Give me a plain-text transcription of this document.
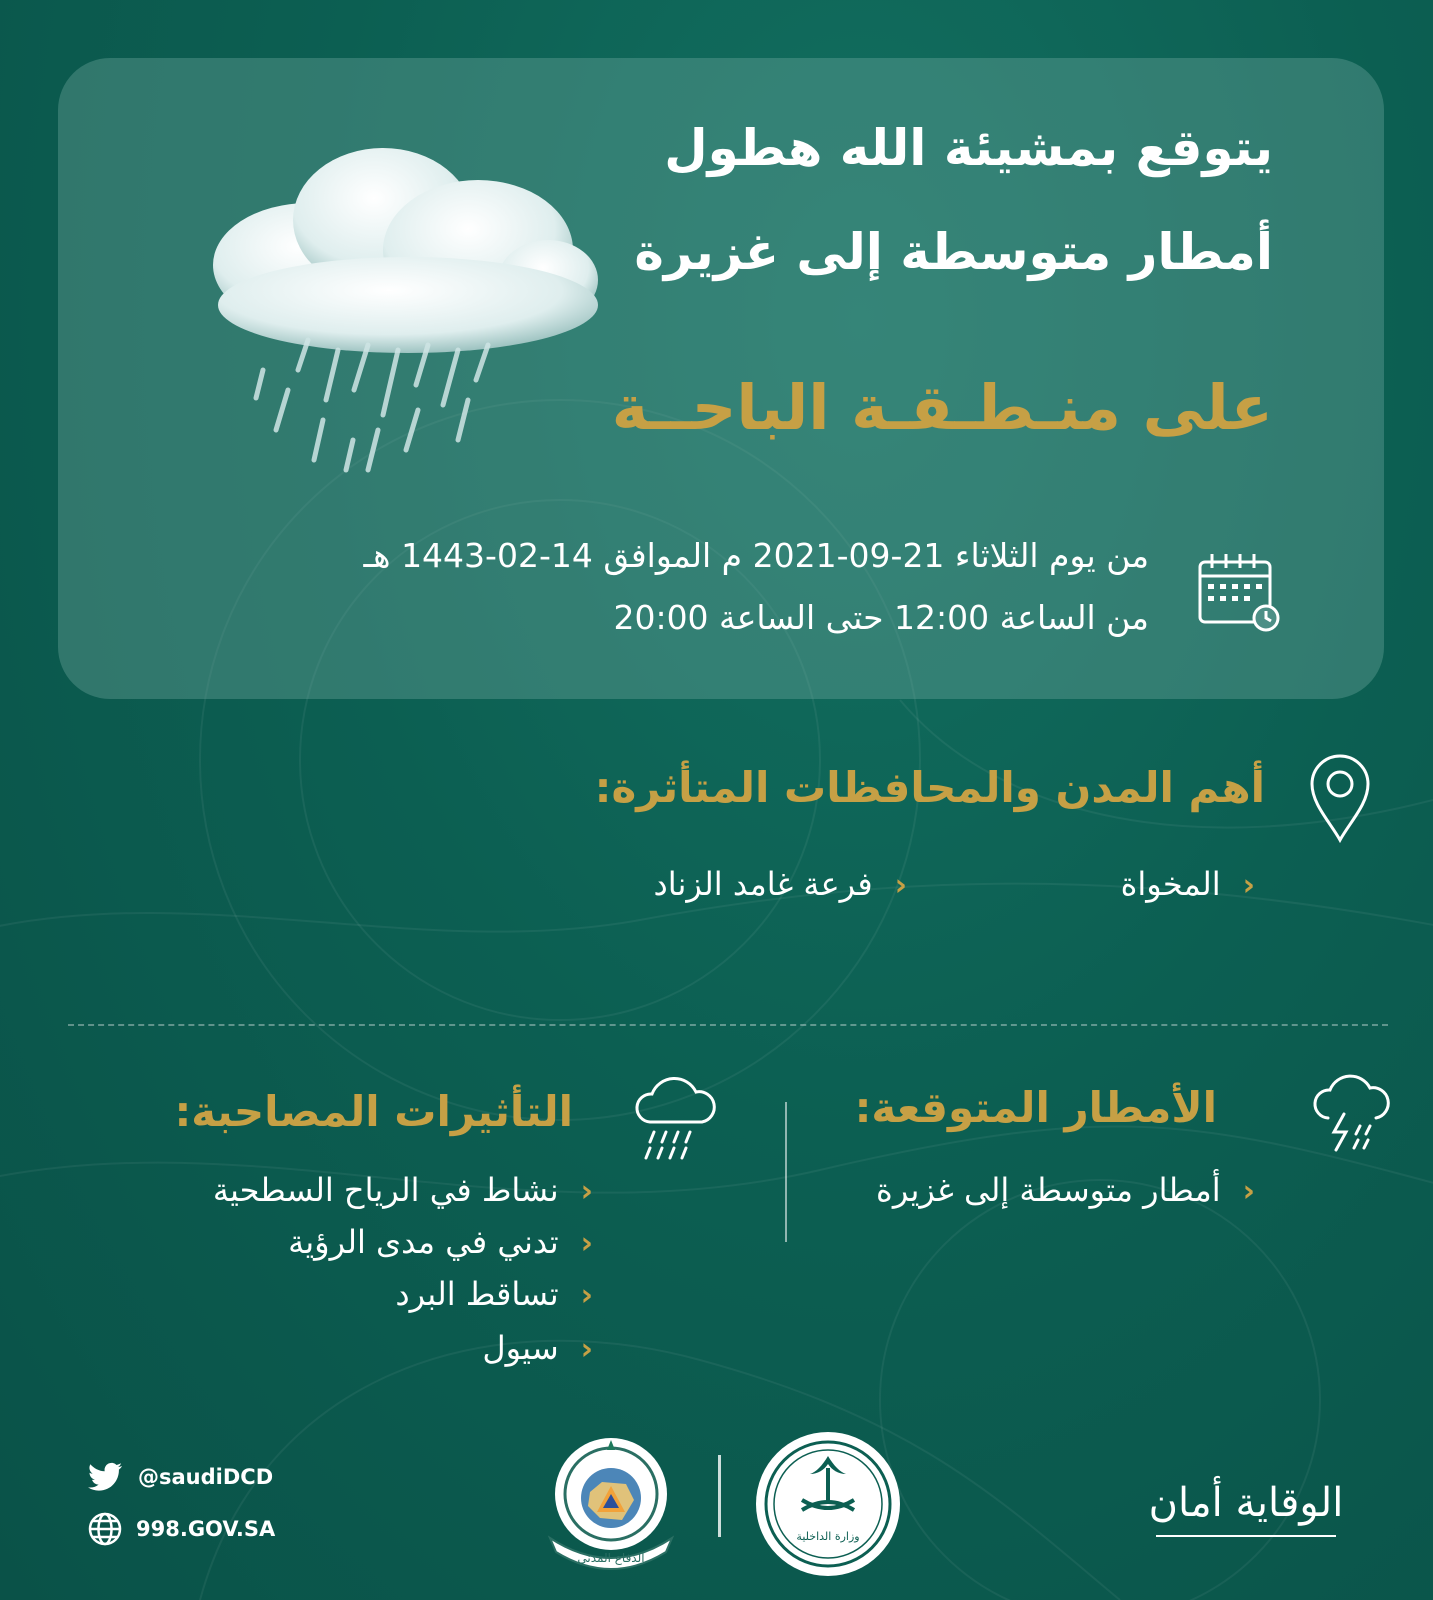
يتوقع بمشيئة الله هطول
أمطار متوسطة إلى غزيرة
على منـطـقـة الباحــة
من يوم الثلاثاء 21-09-2021 م الموافق 14-02-1443 هـ
من الساعة 12:00 حتى الساعة 20:00
أهم المدن والمحافظات المتأثرة:
‹المخواة
‹فرعة غامد الزناد
الأمطار المتوقعة:
‹أمطار متوسطة إلى غزيرة
التأثيرات المصاحبة:
‹نشاط في الرياح السطحية
‹تدني في مدى الرؤية
‹تساقط البرد
‹سيول
@saudiDCD
998.GOV.SA
الدفاع المدني
وزارة الداخلية
الوقاية أمان
